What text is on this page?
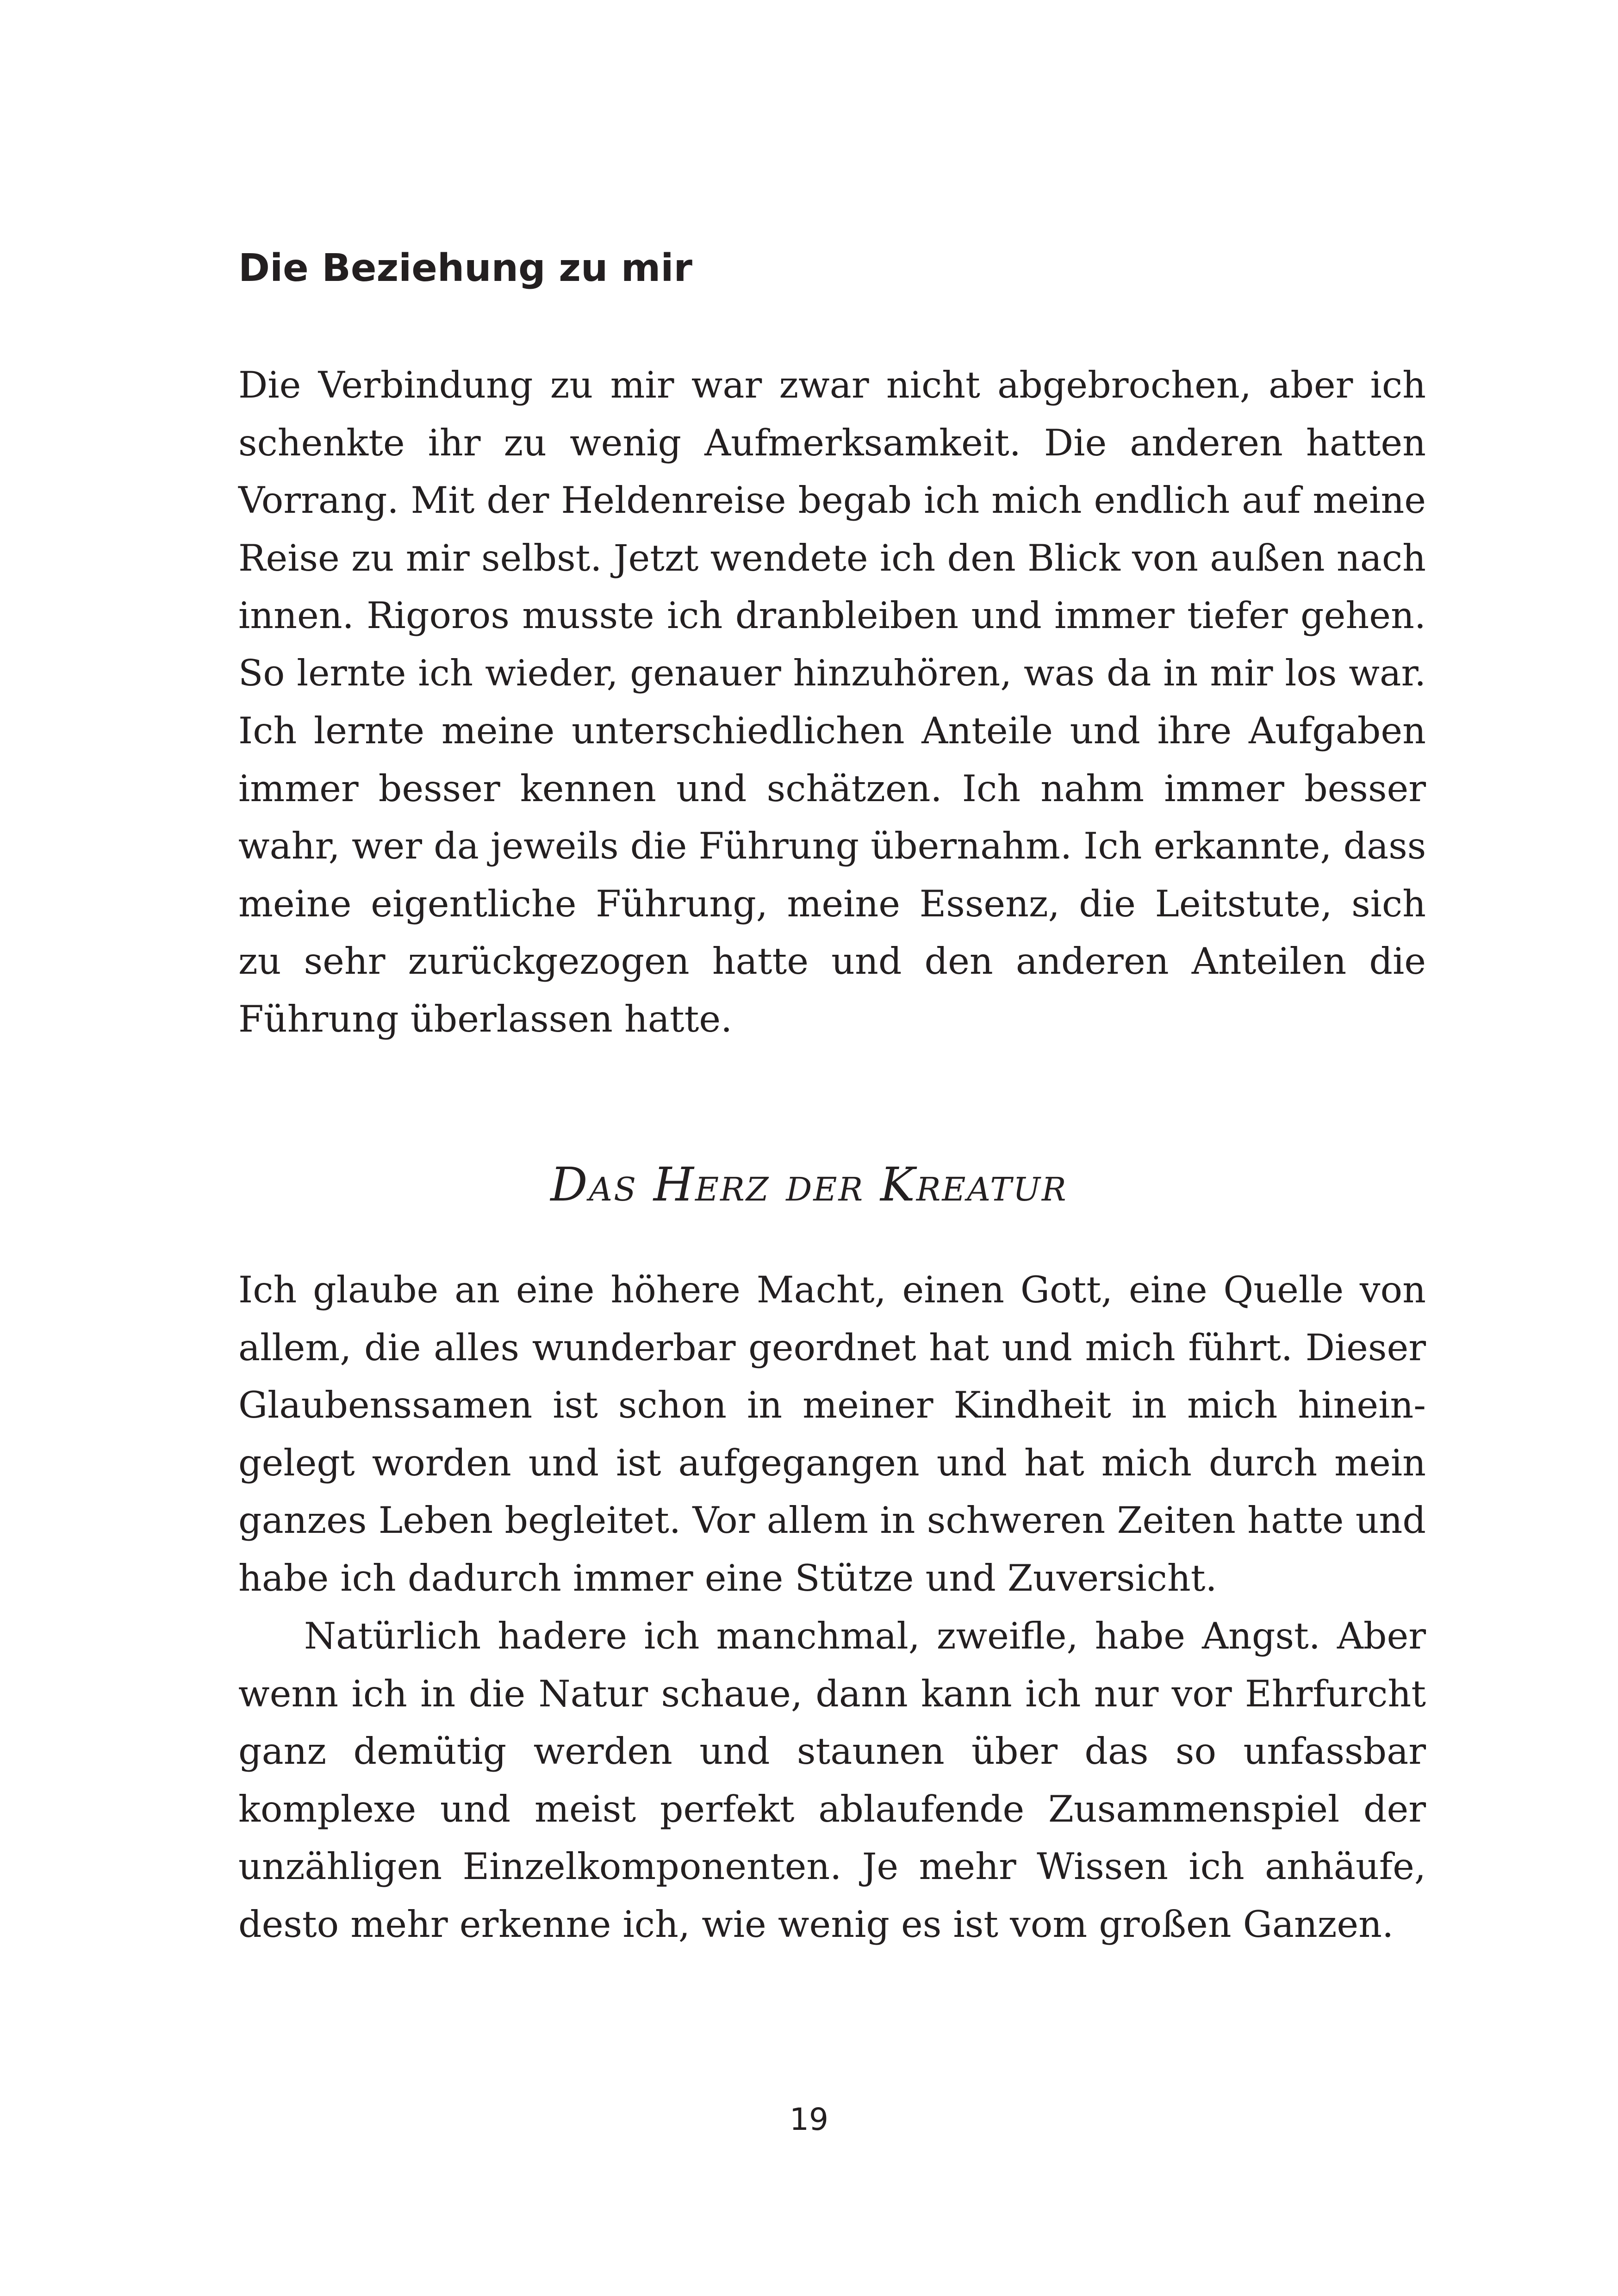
Die Beziehung zu mir
Die Verbindung zu mir war zwar nicht abgebrochen, aber ich
schenkte ihr zu wenig Aufmerksamkeit. Die anderen hatten
Vorrang. Mit der Heldenreise begab ich mich endlich auf meine
Reise zu mir selbst. Jetzt wendete ich den Blick von außen nach
innen. Rigoros musste ich dranbleiben und immer tiefer gehen.
So lernte ich wieder, genauer hinzuhören, was da in mir los war.
Ich lernte meine unterschiedlichen Anteile und ihre Aufgaben
immer besser kennen und schätzen. Ich nahm immer besser
wahr, wer da jeweils die Führung übernahm. Ich erkannte, dass
meine eigentliche Führung, meine Essenz, die Leitstute, sich
zu sehr zurückgezogen hatte und den anderen Anteilen die
Führung überlassen hatte.
Das Herz der Kreatur
Ich glaube an eine höhere Macht, einen Gott, eine Quelle von
allem, die alles wunderbar geordnet hat und mich führt. Dieser
Glaubenssamen ist schon in meiner Kindheit in mich hinein-
gelegt worden und ist aufgegangen und hat mich durch mein
ganzes Leben begleitet. Vor allem in schweren Zeiten hatte und
habe ich dadurch immer eine Stütze und Zuversicht.
Natürlich hadere ich manchmal, zweifle, habe Angst. Aber
wenn ich in die Natur schaue, dann kann ich nur vor Ehrfurcht
ganz demütig werden und staunen über das so unfassbar
komplexe und meist perfekt ablaufende Zusammenspiel der
unzähligen Einzelkomponenten. Je mehr Wissen ich anhäufe,
desto mehr erkenne ich, wie wenig es ist vom großen Ganzen.

19
